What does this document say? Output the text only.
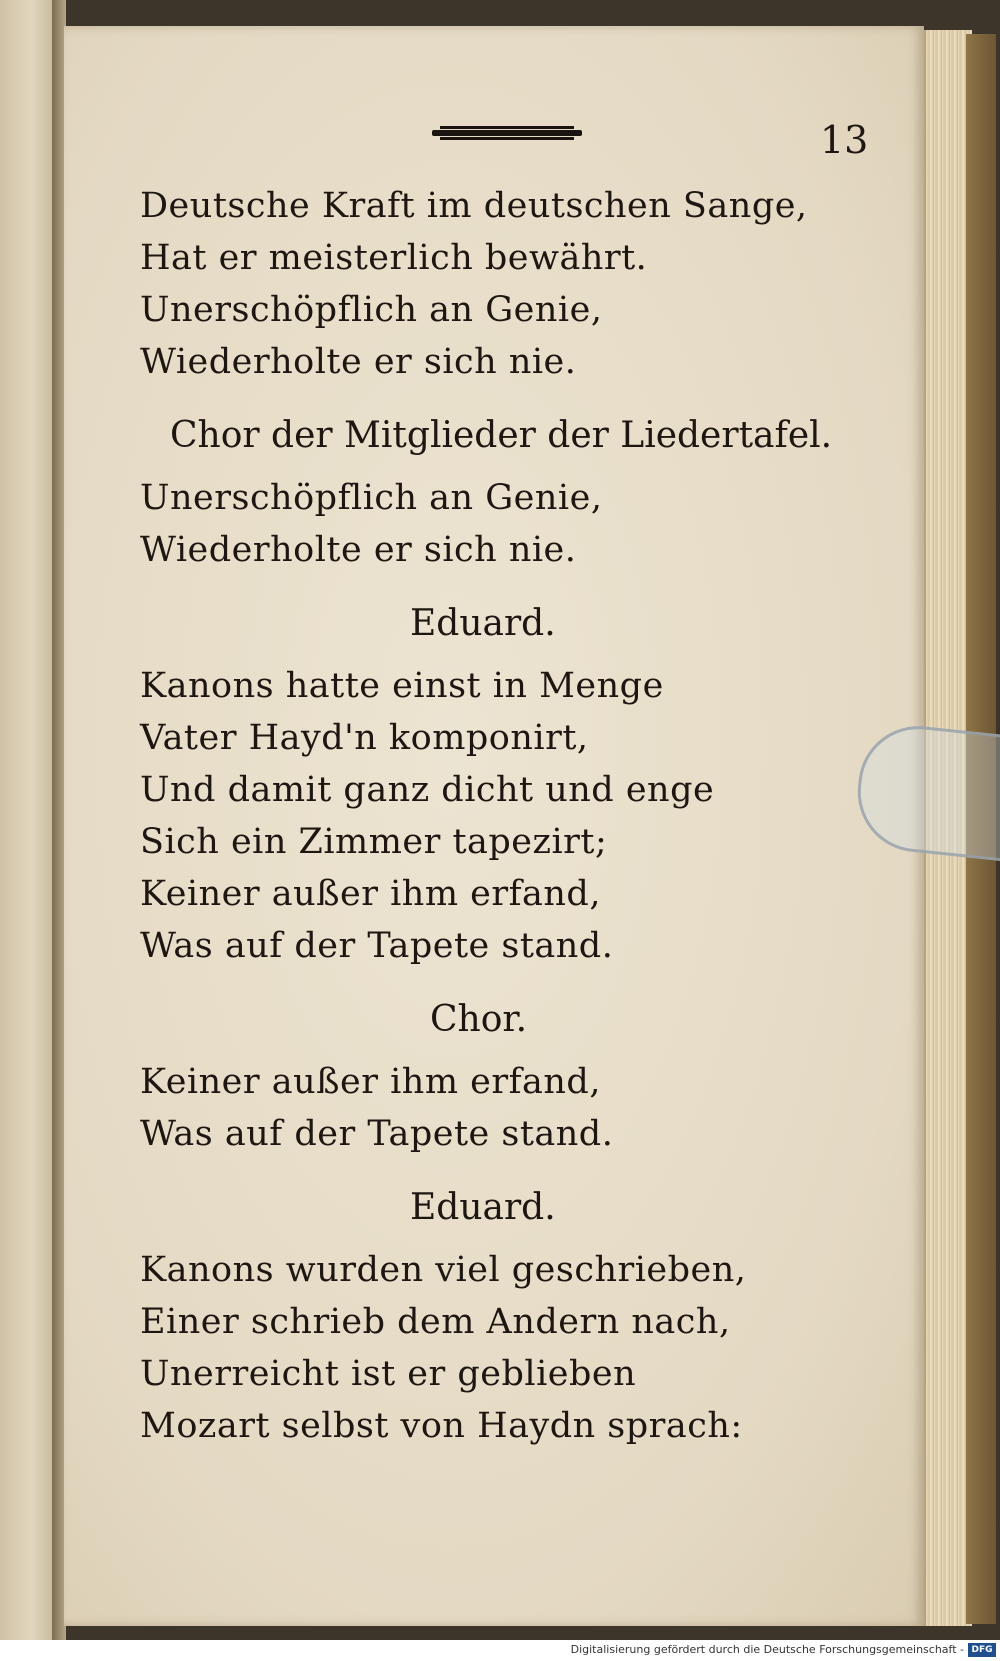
13
Deutsche Kraft im deutschen Sange,
Hat er meisterlich bewährt.
Unerschöpflich an Genie,
Wiederholte er sich nie.
Chor der Mitglieder der Liedertafel.
Unerschöpflich an Genie,
Wiederholte er sich nie.
Eduard.
Kanons hatte einst in Menge
Vater Hayd'n komponirt,
Und damit ganz dicht und enge
Sich ein Zimmer tapezirt;
Keiner außer ihm erfand,
Was auf der Tapete stand.
Chor.
Keiner außer ihm erfand,
Was auf der Tapete stand.
Eduard.
Kanons wurden viel geschrieben,
Einer schrieb dem Andern nach,
Unerreicht ist er geblieben
Mozart selbst von Haydn sprach:
Digitalisierung gefördert durch die Deutsche Forschungsgemeinschaft - DFG
